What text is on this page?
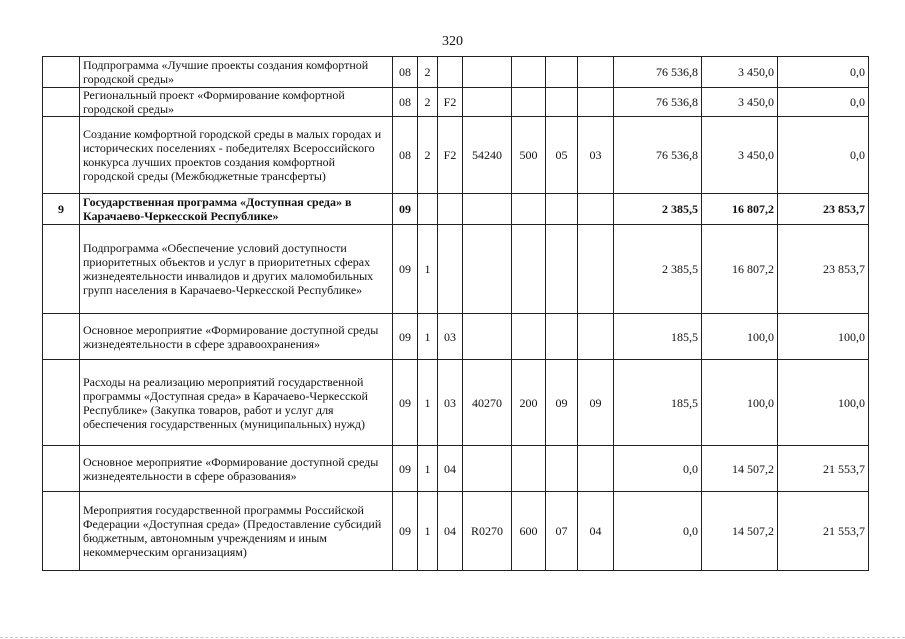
320
	Подпрограмма «Лучшие проекты создания комфортной городской среды»	08	2						76 536,8	3 450,0	0,0
	Региональный проект «Формирование комфортной городской среды»	08	2	F2					76 536,8	3 450,0	0,0
	Создание комфортной городской среды в малых городах и исторических поселениях - победителях Всероссийского конкурса лучших проектов создания комфортной городской среды (Межбюджетные трансферты)	08	2	F2	54240	500	05	03	76 536,8	3 450,0	0,0
9	Государственная программа «Доступная среда» в Карачаево-Черкесской Республике»	09							2 385,5	16 807,2	23 853,7
	Подпрограмма «Обеспечение условий доступности приоритетных объектов и услуг в приоритетных сферах жизнедеятельности инвалидов и других маломобильных групп населения в Карачаево-Черкесской Республике»	09	1						2 385,5	16 807,2	23 853,7
	Основное мероприятие «Формирование доступной среды жизнедеятельности в сфере здравоохранения»	09	1	03					185,5	100,0	100,0
	Расходы на реализацию мероприятий государственной программы «Доступная среда» в Карачаево-Черкесской Республике» (Закупка товаров, работ и услуг для обеспечения государственных (муниципальных) нужд)	09	1	03	40270	200	09	09	185,5	100,0	100,0
	Основное мероприятие «Формирование доступной среды жизнедеятельности в сфере образования»	09	1	04					0,0	14 507,2	21 553,7
	Мероприятия государственной программы Российской Федерации «Доступная среда» (Предоставление субсидий бюджетным, автономным учреждениям и иным некоммерческим организациям)	09	1	04	R0270	600	07	04	0,0	14 507,2	21 553,7
